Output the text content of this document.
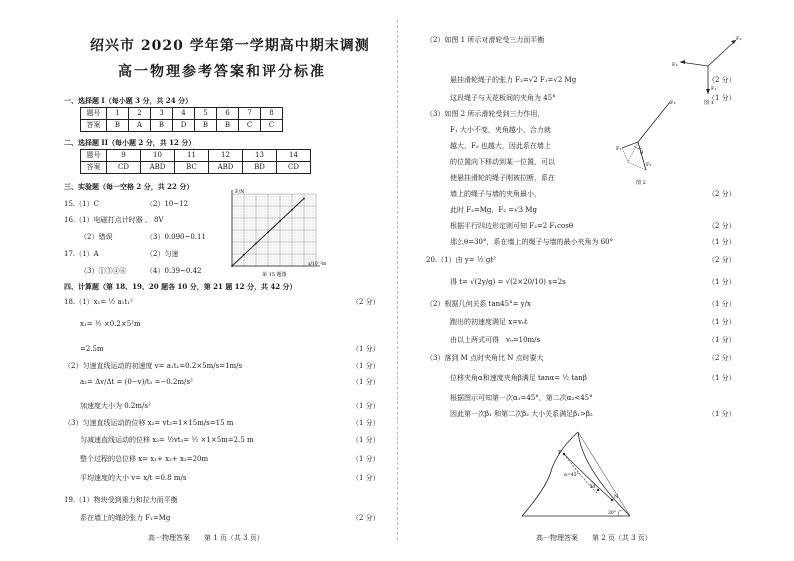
绍兴市 2020 学年第一学期高中期末调测
高一物理参考答案和评分标准
一、选择题 I（每小题 3 分，共 24 分）
题号	1	2	3	4	5	6	7	8
答案	B	A	B	D	B	B	C	C
二、选择题 II（每小题 2 分，共 12 分）
题号	9	10	11	12	13	14
答案	CD	ABD	BC	ABD	BD	CD
三、实验题（每一空格 2 分，共 22 分）
15.（1）C	（2）10~12
16.（1）电磁打点计时器 、 8V
（2）错误	（3）0.090~0.11
17.（1）A	（2）匀速
（3）①③④⑥	（4）0.39~0.42
F/N
x/10⁻²m
第 15 题图
四、计算题（第 18、19、20 题各 10 分，第 21 题 12 分，共 42 分）
18.（1）x₁= ½ a₁t₁²	（2 分）
x₁= ½ ×0.2×5²m
=2.5m	（1 分）
（2）匀速直线运动的初速度 v= a₁t₁=0.2×5m/s=1m/s	（1 分）
a₂= Δv/Δt = (0−v)/t₃ =−0.2m/s²	（1 分）
加速度大小为 0.2m/s²	（1 分）
（3）匀速直线运动的位移 x₂= vt₂=1×15m/s=15 m	（1 分）
匀减速直线运动的位移 x₃= ½vt₃= ½ ×1×5m=2.5 m	（1 分）
整个过程的总位移 x= x₁+ x₂+ x₃=20m	（1 分）
平均速度的大小 v= x/t =0.8 m/s	（1 分）
19.（1）物块受到重力和拉力而平衡
系在墙上的绳的张力 F₁=Mg	（2 分）
（2）如图 1 所示对滑轮受三力而平衡
悬挂滑轮绳子的张力 F₂=√2 F₁=√2 Mg	（2 分）
这段绳子与天花板间的夹角为 45°	（1 分）
（3）如图 2 所示滑轮受到三力作用，
F₁ 大小不变，夹角越小，合力就
越大，F₂ 也越大，因此系在墙上
的位置向下移动到某一位置，可以
使悬挂滑轮的绳子刚被拉断，系在
墙上的绳子与墙的夹角最小，	（2 分）
此时 F₂=Mg，F₂ =√3 Mg
根据平行四边形定则可知 F₂=2 F₁cosθ	（2 分）
那么θ=30°，系在墙上的绳子与墙的最小夹角为 60°	（1 分）
20.（1）由 y= ½ gt²	（2 分）
得 t= √(2y/g) = √(2×20/10) s=2s	（1 分）
（2）根据几何关系 tan45°= y/x	（1 分）
跑出的初速度满足 x=v₀t	（1 分）
由以上两式可得　v₀=10m/s	（1 分）
（3）落到 M 点时夹角比 N 点时要大	（2 分）
位移夹角α和速度夹角β满足 tanα= ½ tanβ	（1 分）
根据图示可知第一次α₁=45°，第二次α₂<45°
因此第一次β₁ 和第二次β₂ 大小关系满足β₁>β₂	（1 分）
F₂
F₁
F₁
图 1
F₂
F₁
F₁
θ
图 2
P
α=45°
M
N
30°
高一物理答案　　第 1 页（共 3 页）	高一物理答案　　第 2 页（共 3 页）
